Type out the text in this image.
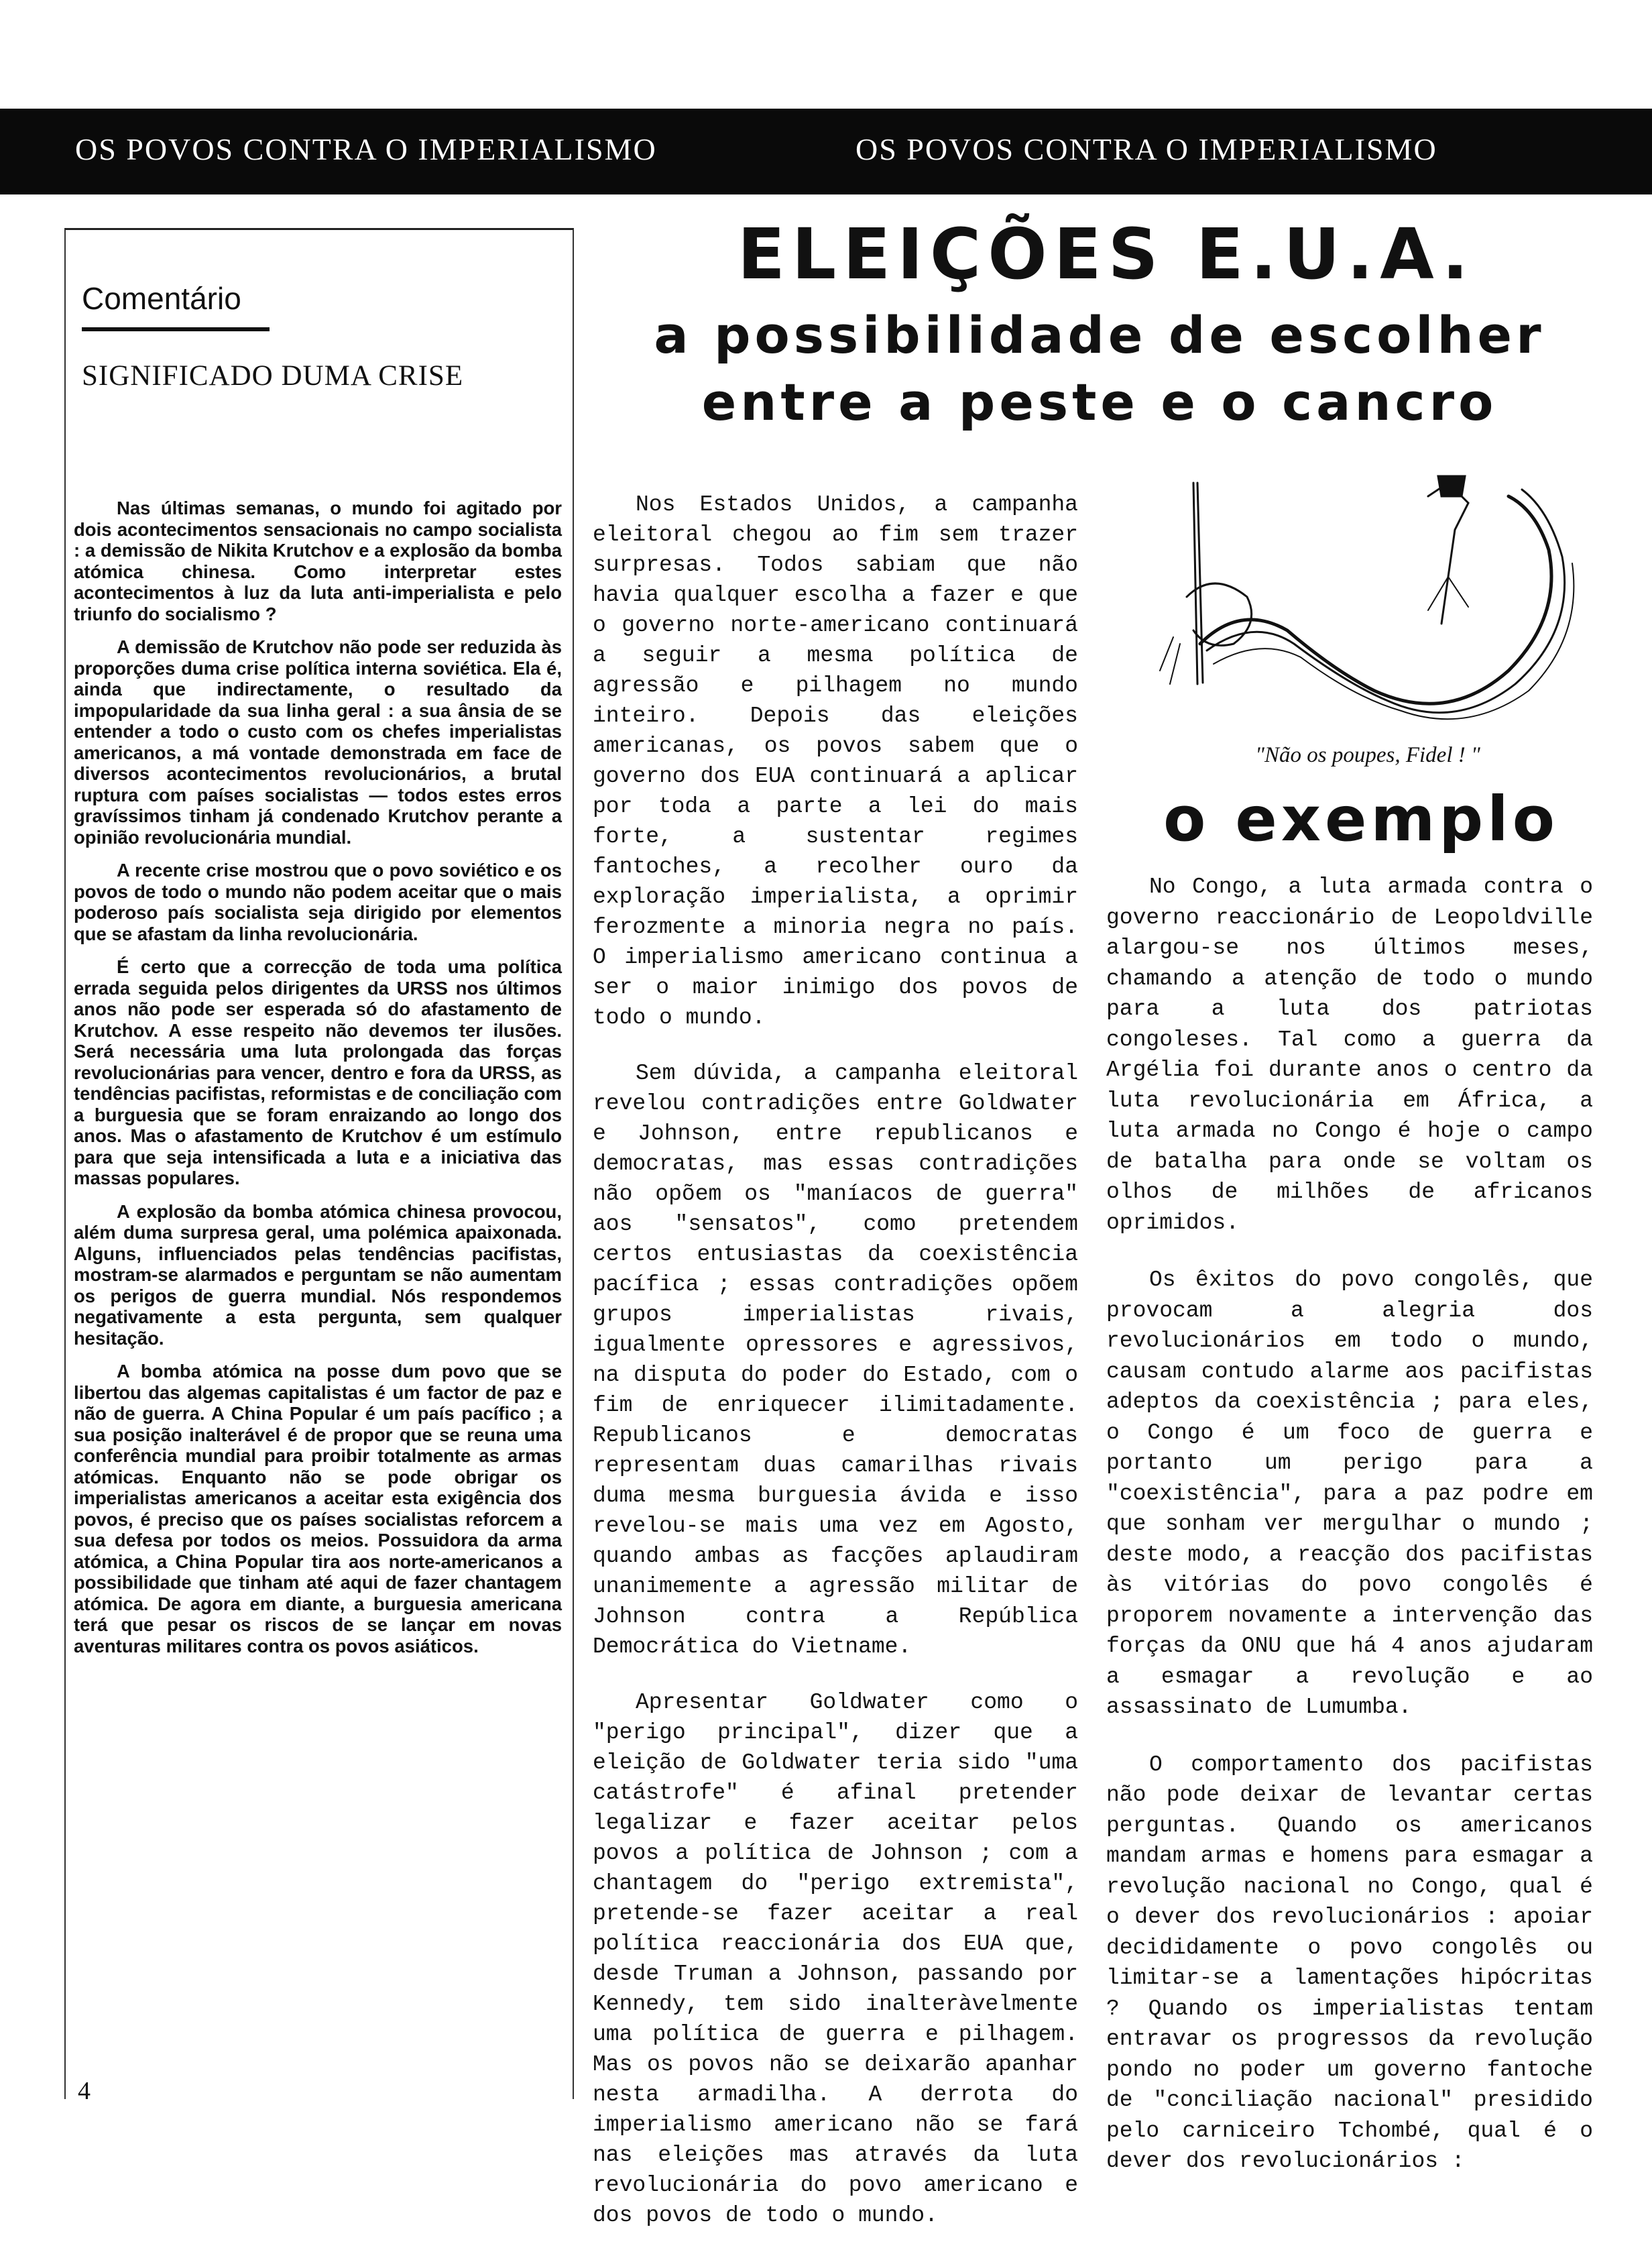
OS POVOS CONTRA O IMPERIALISMO	OS POVOS CONTRA O IMPERIALISMO
Comentário
SIGNIFICADO DUMA CRISE

Nas últimas semanas, o mundo foi agitado por dois acontecimentos sensacionais no campo socialista : a demissão de Nikita Krutchov e a explosão da bomba atómica chinesa. Como interpretar estes acontecimentos à luz da luta anti-imperialista e pelo triunfo do socialismo ?

A demissão de Krutchov não pode ser reduzida às proporções duma crise política interna soviética. Ela é, ainda que indirectamente, o resultado da impopularidade da sua linha geral : a sua ânsia de se entender a todo o custo com os chefes imperialistas americanos, a má vontade demonstrada em face de diversos acontecimentos revolucionários, a brutal ruptura com países socialistas — todos estes erros gravíssimos tinham já condenado Krutchov perante a opinião revolucionária mundial.

A recente crise mostrou que o povo soviético e os povos de todo o mundo não podem aceitar que o mais poderoso país socialista seja dirigido por elementos que se afastam da linha revolucionária.

É certo que a correcção de toda uma política errada seguida pelos dirigentes da URSS nos últimos anos não pode ser esperada só do afastamento de Krutchov. A esse respeito não devemos ter ilusões. Será necessária uma luta prolongada das forças revolucionárias para vencer, dentro e fora da URSS, as tendências pacifistas, reformistas e de conciliação com a burguesia que se foram enraizando ao longo dos anos. Mas o afastamento de Krutchov é um estímulo para que seja intensificada a luta e a iniciativa das massas populares.

A explosão da bomba atómica chinesa provocou, além duma surpresa geral, uma polémica apaixonada. Alguns, influenciados pelas tendências pacifistas, mostram-se alarmados e perguntam se não aumentam os perigos de guerra mundial. Nós respondemos negativamente a esta pergunta, sem qualquer hesitação.

A bomba atómica na posse dum povo que se libertou das algemas capitalistas é um factor de paz e não de guerra. A China Popular é um país pacífico ; a sua posição inalterável é de propor que se reuna uma conferência mundial para proibir totalmente as armas atómicas. Enquanto não se pode obrigar os imperialistas americanos a aceitar esta exigência dos povos, é preciso que os países socialistas reforcem a sua defesa por todos os meios. Possuidora da arma atómica, a China Popular tira aos norte-americanos a possibilidade que tinham até aqui de fazer chantagem atómica. De agora em diante, a burguesia americana terá que pesar os riscos de se lançar em novas aventuras militares contra os povos asiáticos.

ELEIÇÕES E.U.A.
a possibilidade de escolher
entre a peste e o cancro

Nos Estados Unidos, a campanha eleitoral chegou ao fim sem trazer surpresas. Todos sabiam que não havia qualquer escolha a fazer e que o governo norte-americano continuará a seguir a mesma política de agressão e pilhagem no mundo inteiro. Depois das eleições americanas, os povos sabem que o governo dos EUA continuará a aplicar por toda a parte a lei do mais forte, a sustentar regimes fantoches, a recolher ouro da exploração imperialista, a oprimir ferozmente a minoria negra no país. O imperialismo americano continua a ser o maior inimigo dos povos de todo o mundo.

Sem dúvida, a campanha eleitoral revelou contradições entre Goldwater e Johnson, entre republicanos e democratas, mas essas contradições não opõem os "maníacos de guerra" aos "sensatos", como pretendem certos entusiastas da coexistência pacífica ; essas contradições opõem grupos imperialistas rivais, igualmente opressores e agressivos, na disputa do poder do Estado, com o fim de enriquecer ilimitadamente. Republicanos e democratas representam duas camarilhas rivais duma mesma burguesia ávida e isso revelou-se mais uma vez em Agosto, quando ambas as facções aplaudiram unanimemente a agressão militar de Johnson contra a República Democrática do Vietname.

Apresentar Goldwater como o "perigo principal", dizer que a eleição de Goldwater teria sido "uma catástrofe" é afinal pretender legalizar e fazer aceitar pelos povos a política de Johnson ; com a chantagem do "perigo extremista", pretende-se fazer aceitar a real política reaccionária dos EUA que, desde Truman a Johnson, passando por Kennedy, tem sido inalteràvelmente uma política de guerra e pilhagem. Mas os povos não se deixarão apanhar nesta armadilha. A derrota do imperialismo americano não se fará nas eleições mas através da luta revolucionária do povo americano e dos povos de todo o mundo.

"Não os poupes, Fidel ! "
o exemplo

No Congo, a luta armada contra o governo reaccionário de Leopoldville alargou-se nos últimos meses, chamando a atenção de todo o mundo para a luta dos patriotas congoleses. Tal como a guerra da Argélia foi durante anos o centro da luta revolucionária em África, a luta armada no Congo é hoje o campo de batalha para onde se voltam os olhos de milhões de africanos oprimidos.

Os êxitos do povo congolês, que provocam a alegria dos revolucionários em todo o mundo, causam contudo alarme aos pacifistas adeptos da coexistência ; para eles, o Congo é um foco de guerra e portanto um perigo para a "coexistência", para a paz podre em que sonham ver mergulhar o mundo ; deste modo, a reacção dos pacifistas às vitórias do povo congolês é proporem novamente a intervenção das forças da ONU que há 4 anos ajudaram a esmagar a revolução e ao assassinato de Lumumba.

O comportamento dos pacifistas não pode deixar de levantar certas perguntas. Quando os americanos mandam armas e homens para esmagar a revolução nacional no Congo, qual é o dever dos revolucionários : apoiar decididamente o povo congolês ou limitar-se a lamentações hipócritas ? Quando os imperialistas tentam entravar os progressos da revolução pondo no poder um governo fantoche de "conciliação nacional" presidido pelo carniceiro Tchombé, qual é o dever dos revolucionários :

4
